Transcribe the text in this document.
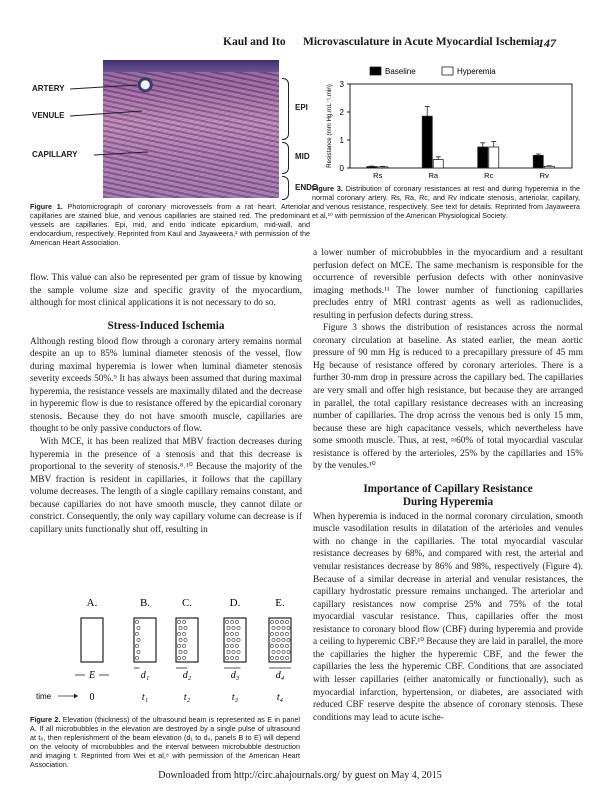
Kaul and Ito Microvasculature in Acute Myocardial Ischemia
147
ARTERY
VENULE
CAPILLARY
EPI
MID
ENDO
Figure 1. Photomicrograph of coronary microvessels from a rat heart. Arteriolar capillaries are stained blue, and venous capillaries are stained red. The predominant vessels are capillaries. Epi, mid, and endo indicate epicardium, mid-wall, and endocardium, respectively. Reprinted from Kaul and Jayaweera,² with permission of the American Heart Association.
0
1
2
3
Resistance (mm Hg.mL⁻¹.min)
Rs	Ra	Rc	Rv
Baseline	Hyperemia
Figure 3. Distribution of coronary resistances at rest and during hyperemia in the normal coronary artery. Rs, Ra, Rc, and Rv indicate stenosis, arteriolar, capillary, and venous resistance, respectively. See text for details. Reprinted from Jayaweera et al,¹⁰ with permission of the American Physiological Society.

flow. This value can also be represented per gram of tissue by knowing the sample volume size and specific gravity of the myocardium, although for most clinical applications it is not necessary to do so.

Stress-Induced Ischemia

Although resting blood flow through a coronary artery remains normal despite an up to 85% luminal diameter stenosis of the vessel, flow during maximal hyperemia is lower when luminal diameter stenosis severity exceeds 50%.⁹ It has always been assumed that during maximal hyperemia, the resistance vessels are maximally dilated and the decrease in hyperemic flow is due to resistance offered by the epicardial coronary stenosis. Because they do not have smooth muscle, capillaries are thought to be only passive conductors of flow.

With MCE, it has been realized that MBV fraction decreases during hyperemia in the presence of a stenosis and that this decrease is proportional to the severity of stenosis.⁸˒¹⁰ Because the majority of the MBV fraction is resident in capillaries, it follows that the capillary volume decreases. The length of a single capillary remains constant, and because capillaries do not have smooth muscle, they cannot dilate or constrict. Consequently, the only way capillary volume can decrease is if capillary units functionally shut off, resulting in

A.
E
0
B.
d₁
t₁
C.
d₂
t₂
D.
d₃
t₃
E.
d₄
t₄
time
Figure 2. Elevation (thickness) of the ultrasound beam is represented as E in panel A. If all microbubbles in the elevation are destroyed by a single pulse of ultrasound at t₀, then replenishment of the beam elevation (d₁ to d₄, panels B to E) will depend on the velocity of microbubbles and the interval between microbubble destruction and imaging t. Reprinted from Wei et al,⁸ with permission of the American Heart Association.

a lower number of microbubbles in the myocardium and a resultant perfusion defect on MCE. The same mechanism is responsible for the occurrence of reversible perfusion defects with other noninvasive imaging methods.¹¹ The lower number of functioning capillaries precludes entry of MRI contrast agents as well as radionuclides, resulting in perfusion defects during stress.

Figure 3 shows the distribution of resistances across the normal coronary circulation at baseline. As stated earlier, the mean aortic pressure of 90 mm Hg is reduced to a precapillary pressure of 45 mm Hg because of resistance offered by coronary arterioles. There is a further 30-mm drop in pressure across the capillary bed. The capillaries are very small and offer high resistance, but because they are arranged in parallel, the total capillary resistance decreases with an increasing number of capillaries. The drop across the venous bed is only 15 mm, because these are high capacitance vessels, which nevertheless have some smooth muscle. Thus, at rest, ≈60% of total myocardial vascular resistance is offered by the arterioles, 25% by the capillaries and 15% by the venules.¹⁰

Importance of Capillary Resistance
During Hyperemia

When hyperemia is induced in the normal coronary circulation, smooth muscle vasodilation results in dilatation of the arterioles and venules with no change in the capillaries. The total myocardial vascular resistance decreases by 68%, and compared with rest, the arterial and venular resistances decrease by 86% and 98%, respectively (Figure 4). Because of a similar decrease in arterial and venular resistances, the capillary hydrostatic pressure remains unchanged. The arteriolar and capillary resistances now comprise 25% and 75% of the total myocardial vascular resistance. Thus, capillaries offer the most resistance to coronary blood flow (CBF) during hyperemia and provide a ceiling to hyperemic CBF.¹⁰ Because they are laid in parallel, the more the capillaries the higher the hyperemic CBF, and the fewer the capillaries the less the hyperemic CBF. Conditions that are associated with lesser capillaries (either anatomically or functionally), such as myocardial infarction, hypertension, or diabetes, are associated with reduced CBF reserve despite the absence of coronary stenosis. These conditions may lead to acute ische-

Downloaded from http://circ.ahajournals.org/ by guest on May 4, 2015
